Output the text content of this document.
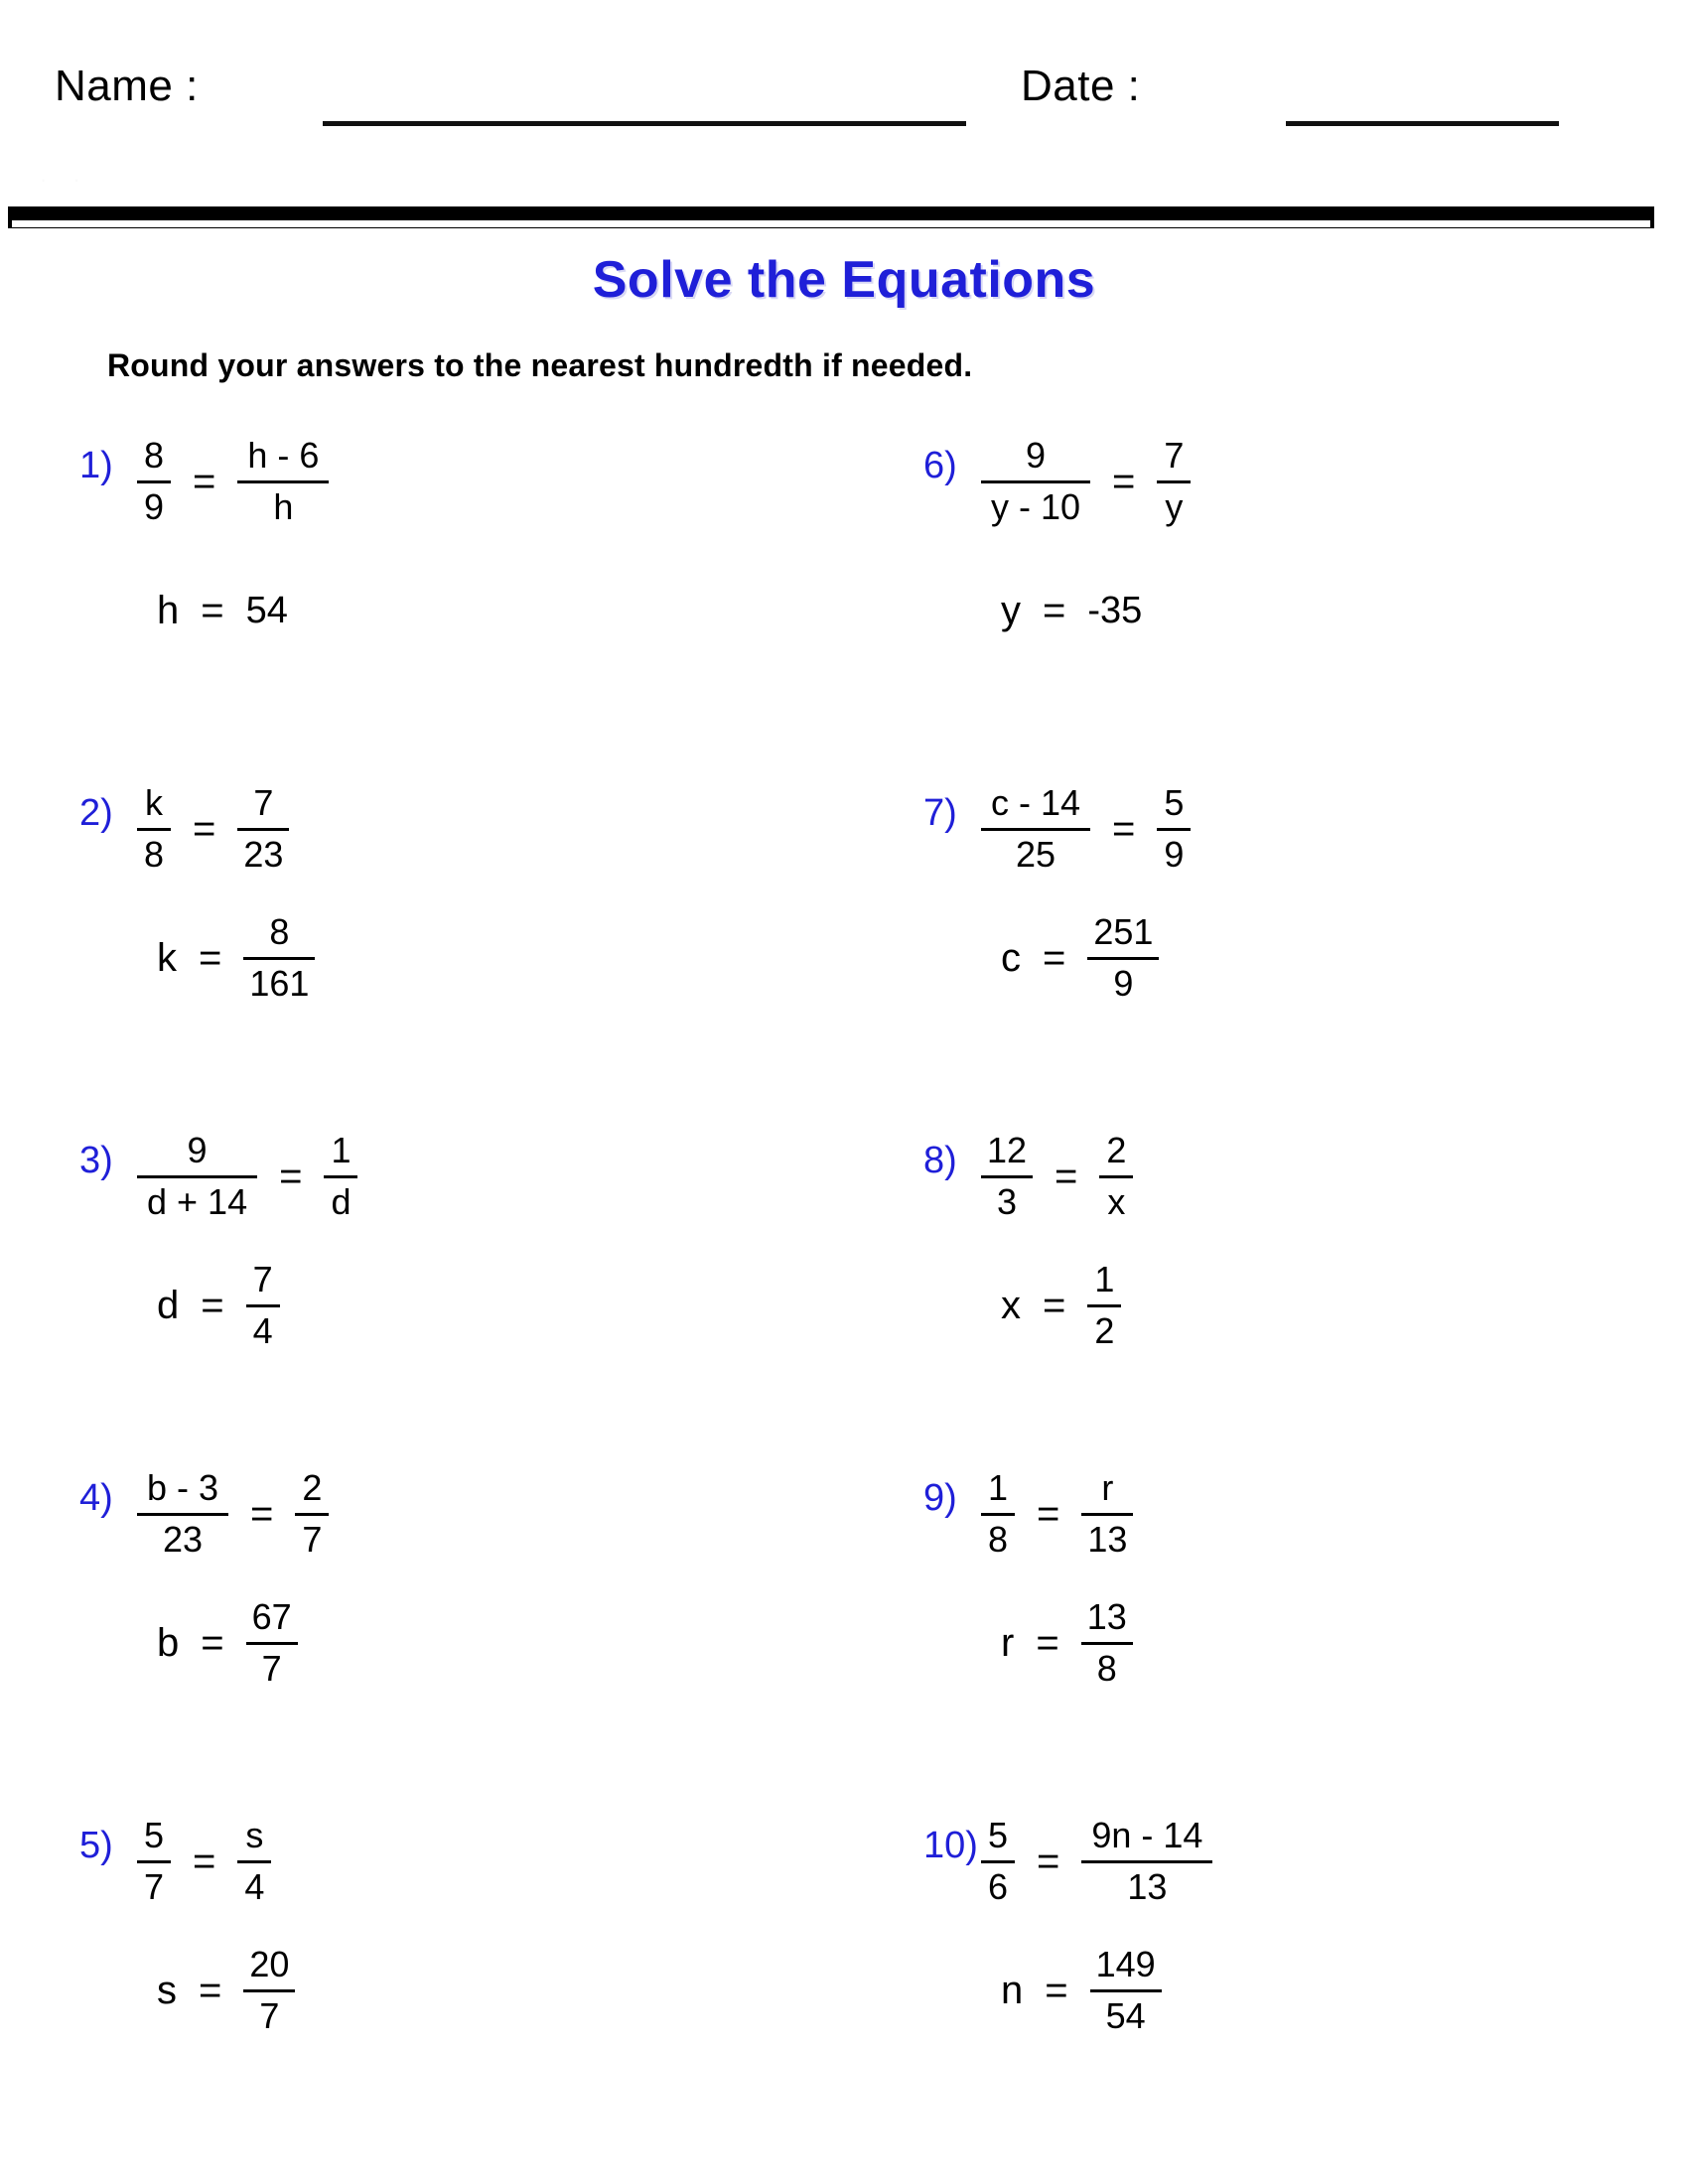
Name :	Date :
· ·
Solve the Equations
Round your answers to the nearest hundredth if needed.
$1) \frac{8}{9} = \frac{h - 6}{h}$
h = 54
$2) \frac{k}{8} = \frac{7}{23}$
$k = \frac{8}{161}$
$3) \frac{9}{d + 14} = \frac{1}{d}$
$d = \frac{7}{4}$
$4) \frac{b - 3}{23} = \frac{2}{7}$
$b = \frac{67}{7}$
$5) \frac{5}{7} = \frac{s}{4}$
$s = \frac{20}{7}$
$6) \frac{9}{y - 10} = \frac{7}{y}$
y = -35
$7) \frac{c - 14}{25} = \frac{5}{9}$
$c = \frac{251}{9}$
$8) \frac{12}{3} = \frac{2}{x}$
$x = \frac{1}{2}$
$9) \frac{1}{8} = \frac{r}{13}$
$r = \frac{13}{8}$
$10) \frac{5}{6} = \frac{9n - 14}{13}$
$n = \frac{149}{54}$
